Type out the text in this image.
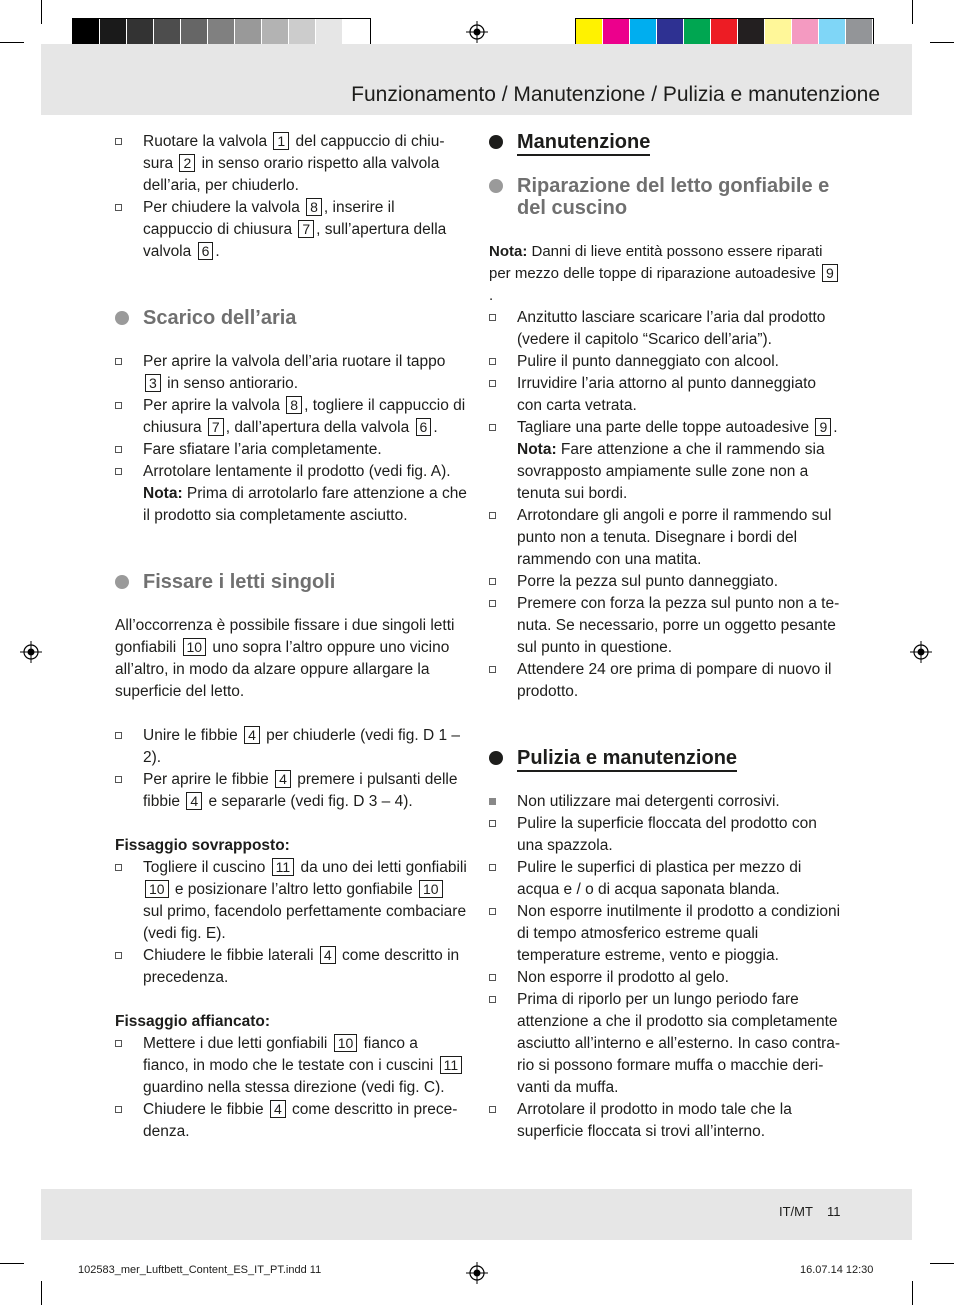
Funzionamento / Manutenzione / Pulizia e manutenzione
Ruotare la valvola 1 del cappuccio di chiu-sura 2 in senso orario rispetto alla valvola dell’aria, per chiuderlo.
Per chiudere la valvola 8 , inserire il cappuccio di chiusura 7 , sull’apertura della valvola 6 .
Scarico dell’aria
Per aprire la valvola dell’aria ruotare il tappo 3 in senso antiorario.
Per aprire la valvola 8 , togliere il cappuccio di chiusura 7 , dall’apertura della valvola 6 .
Fare sfiatare l’aria completamente.
Arrotolare lentamente il prodotto (vedi fig. A).
Nota: Prima di arrotolarlo fare attenzione a che il prodotto sia completamente asciutto.
Fissare i letti singoli
All’occorrenza è possibile fissare i due singoli letti gonfiabili 10 uno sopra l’altro oppure uno vicino all’altro, in modo da alzare oppure allargare la superficie del letto.
Unire le fibbie 4 per chiuderle (vedi fig. D 1 – 2).
Per aprire le fibbie 4 premere i pulsanti delle fibbie 4 e separarle (vedi fig. D 3 – 4).
Fissaggio sovrapposto:
Togliere il cuscino 11 da uno dei letti gonfiabili 10 e posizionare l’altro letto gonfiabile 10 sul primo, facendolo perfettamente combaciare (vedi fig. E).
Chiudere le fibbie laterali 4 come descritto in precedenza.
Fissaggio affiancato:
Mettere i due letti gonfiabili 10 fianco a fianco, in modo che le testate con i cuscini 11 guardino nella stessa direzione (vedi fig. C).
Chiudere le fibbie 4 come descritto in prece-denza.
Manutenzione
Riparazione del letto gonfiabile e del cuscino
Nota: Danni di lieve entità possono essere riparati per mezzo delle toppe di riparazione autoadesive 9.
Anzitutto lasciare scaricare l’aria dal prodotto (vedere il capitolo “Scarico dell’aria”).
Pulire il punto danneggiato con alcool.
Irruvidire l’aria attorno al punto danneggiato con carta vetrata.
Tagliare una parte delle toppe autoadesive 9 .
Nota: Fare attenzione a che il rammendo sia sovrapposto ampiamente sulle zone non a tenuta sui bordi.
Arrotondare gli angoli e porre il rammendo sul punto non a tenuta. Disegnare i bordi del rammendo con una matita.
Porre la pezza sul punto danneggiato.
Premere con forza la pezza sul punto non a te-nuta. Se necessario, porre un oggetto pesante sul punto in questione.
Attendere 24 ore prima di pompare di nuovo il prodotto.
Pulizia e manutenzione
Non utilizzare mai detergenti corrosivi.
Pulire la superficie floccata del prodotto con una spazzola.
Pulire le superfici di plastica per mezzo di acqua e / o di acqua saponata blanda.
Non esporre inutilmente il prodotto a condizioni di tempo atmosferico estreme quali temperature estreme, vento e pioggia.
Non esporre il prodotto al gelo.
Prima di riporlo per un lungo periodo fare attenzione a che il prodotto sia completamente asciutto all’interno e all’esterno. In caso contra-rio si possono formare muffa o macchie deri-vanti da muffa.
Arrotolare il prodotto in modo tale che la superficie floccata si trovi all’interno.
IT/MT 11
102583_mer_Luftbett_Content_ES_IT_PT.indd 11	16.07.14 12:30
